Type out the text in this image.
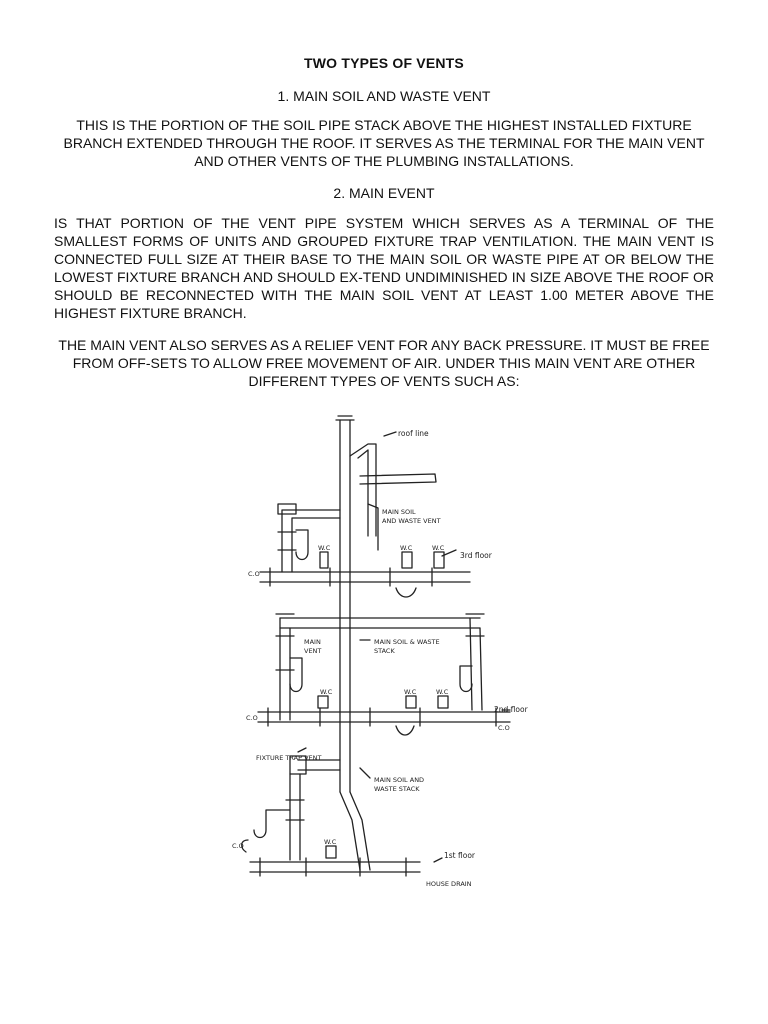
TWO TYPES OF VENTS
1. MAIN SOIL AND WASTE VENT
THIS IS THE PORTION OF THE SOIL PIPE STACK ABOVE THE HIGHEST INSTALLED FIXTURE BRANCH EXTENDED THROUGH THE ROOF. IT SERVES AS THE TERMINAL FOR THE MAIN VENT AND OTHER VENTS OF THE PLUMBING INSTALLATIONS.
2. MAIN EVENT
IS THAT PORTION OF THE VENT PIPE SYSTEM WHICH SERVES AS A TERMINAL OF THE SMALLEST FORMS OF UNITS AND GROUPED FIXTURE TRAP VENTILATION. THE MAIN VENT IS CONNECTED FULL SIZE AT THEIR BASE TO THE MAIN SOIL OR WASTE PIPE AT OR BELOW THE LOWEST FIXTURE BRANCH AND SHOULD EX-TEND UNDIMINISHED IN SIZE ABOVE THE ROOF OR SHOULD BE RECONNECTED WITH THE MAIN SOIL VENT AT LEAST 1.00 METER ABOVE THE HIGHEST FIXTURE BRANCH.
THE MAIN VENT ALSO SERVES AS A RELIEF VENT FOR ANY BACK PRESSURE. IT MUST BE FREE FROM OFF-SETS TO ALLOW FREE MOVEMENT OF AIR. UNDER THIS MAIN VENT ARE OTHER DIFFERENT TYPES OF VENTS SUCH AS:
roof line
MAIN SOIL
AND WASTE VENT
W.C	W.C	W.C
3rd floor
C.O
MAIN
VENT
MAIN SOIL & WASTE
STACK
W.C	W.C	W.C
2nd floor
C.O
C.O
FIXTURE TRAP VENT
MAIN SOIL AND
WASTE STACK
W.C
C.O
1st floor
HOUSE DRAIN
